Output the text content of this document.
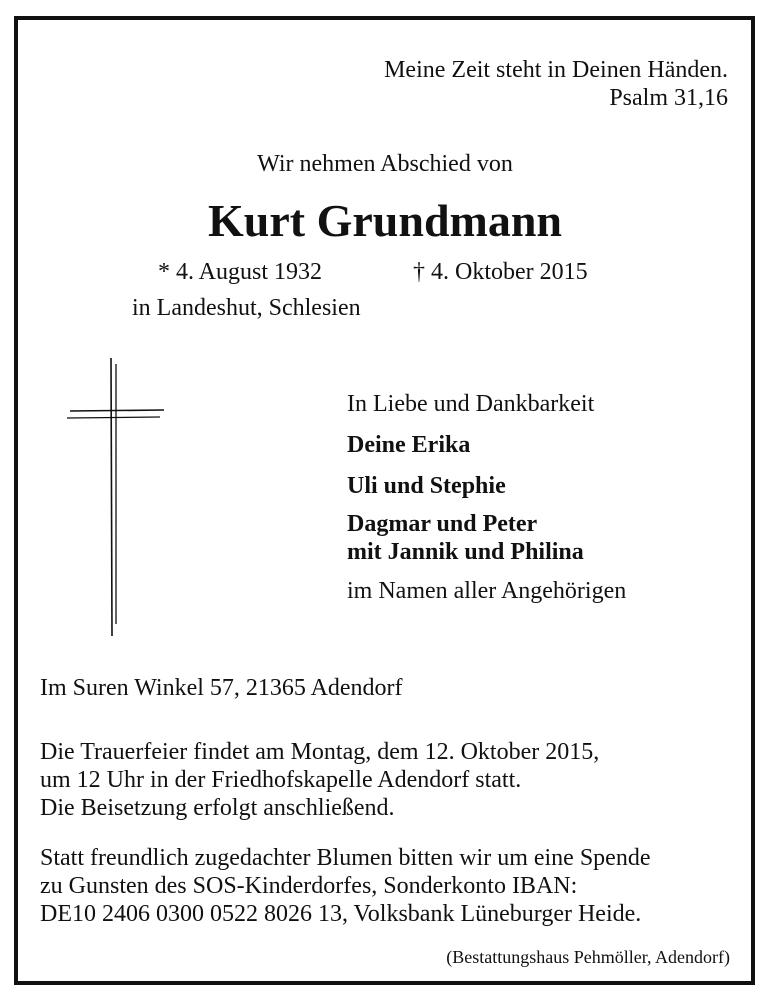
Meine Zeit steht in Deinen Händen.
Psalm 31,16
Wir nehmen Abschied von
Kurt Grundmann
* 4. August 1932	† 4. Oktober 2015
in Landeshut, Schlesien
In Liebe und Dankbarkeit
Deine Erika
Uli und Stephie
Dagmar und Peter
mit Jannik und Philina
im Namen aller Angehörigen
Im Suren Winkel 57, 21365 Adendorf
Die Trauerfeier findet am Montag, dem 12. Oktober 2015,
um 12 Uhr in der Friedhofskapelle Adendorf statt.
Die Beisetzung erfolgt anschließend.
Statt freundlich zugedachter Blumen bitten wir um eine Spende
zu Gunsten des SOS-Kinderdorfes, Sonderkonto IBAN:
DE10 2406 0300 0522 8026 13, Volksbank Lüneburger Heide.
(Bestattungshaus Pehmöller, Adendorf)
